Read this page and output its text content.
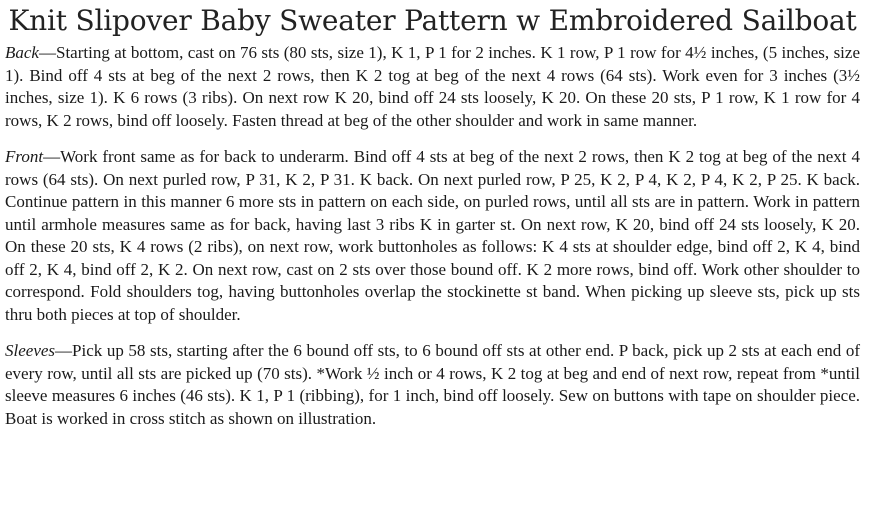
Knit Slipover Baby Sweater Pattern w Embroidered Sailboat

Back—Starting at bottom, cast on 76 sts (80 sts, size 1), K 1, P 1 for 2 inches. K 1 row, P 1 row for 4½ inches, (5 inches, size 1). Bind off 4 sts at beg of the next 2 rows, then K 2 tog at beg of the next 4 rows (64 sts). Work even for 3 inches (3½ inches, size 1). K 6 rows (3 ribs). On next row K 20, bind off 24 sts loosely, K 20. On these 20 sts, P 1 row, K 1 row for 4 rows, K 2 rows, bind off loosely. Fasten thread at beg of the other shoulder and work in same manner.

Front—Work front same as for back to underarm. Bind off 4 sts at beg of the next 2 rows, then K 2 tog at beg of the next 4 rows (64 sts). On next purled row, P 31, K 2, P 31. K back. On next purled row, P 25, K 2, P 4, K 2, P 4, K 2, P 25. K back. Continue pattern in this manner 6 more sts in pattern on each side, on purled rows, until all sts are in pattern. Work in pattern until armhole measures same as for back, having last 3 ribs K in garter st. On next row, K 20, bind off 24 sts loosely, K 20. On these 20 sts, K 4 rows (2 ribs), on next row, work buttonholes as follows: K 4 sts at shoulder edge, bind off 2, K 4, bind off 2, K 4, bind off 2, K 2. On next row, cast on 2 sts over those bound off. K 2 more rows, bind off. Work other shoulder to correspond. Fold shoulders tog, having buttonholes overlap the stockinette st band. When picking up sleeve sts, pick up sts thru both pieces at top of shoulder.

Sleeves—Pick up 58 sts, starting after the 6 bound off sts, to 6 bound off sts at other end. P back, pick up 2 sts at each end of every row, until all sts are picked up (70 sts). *Work ½ inch or 4 rows, K 2 tog at beg and end of next row, repeat from *until sleeve measures 6 inches (46 sts). K 1, P 1 (ribbing), for 1 inch, bind off loosely. Sew on buttons with tape on shoulder piece. Boat is worked in cross stitch as shown on illustration.
